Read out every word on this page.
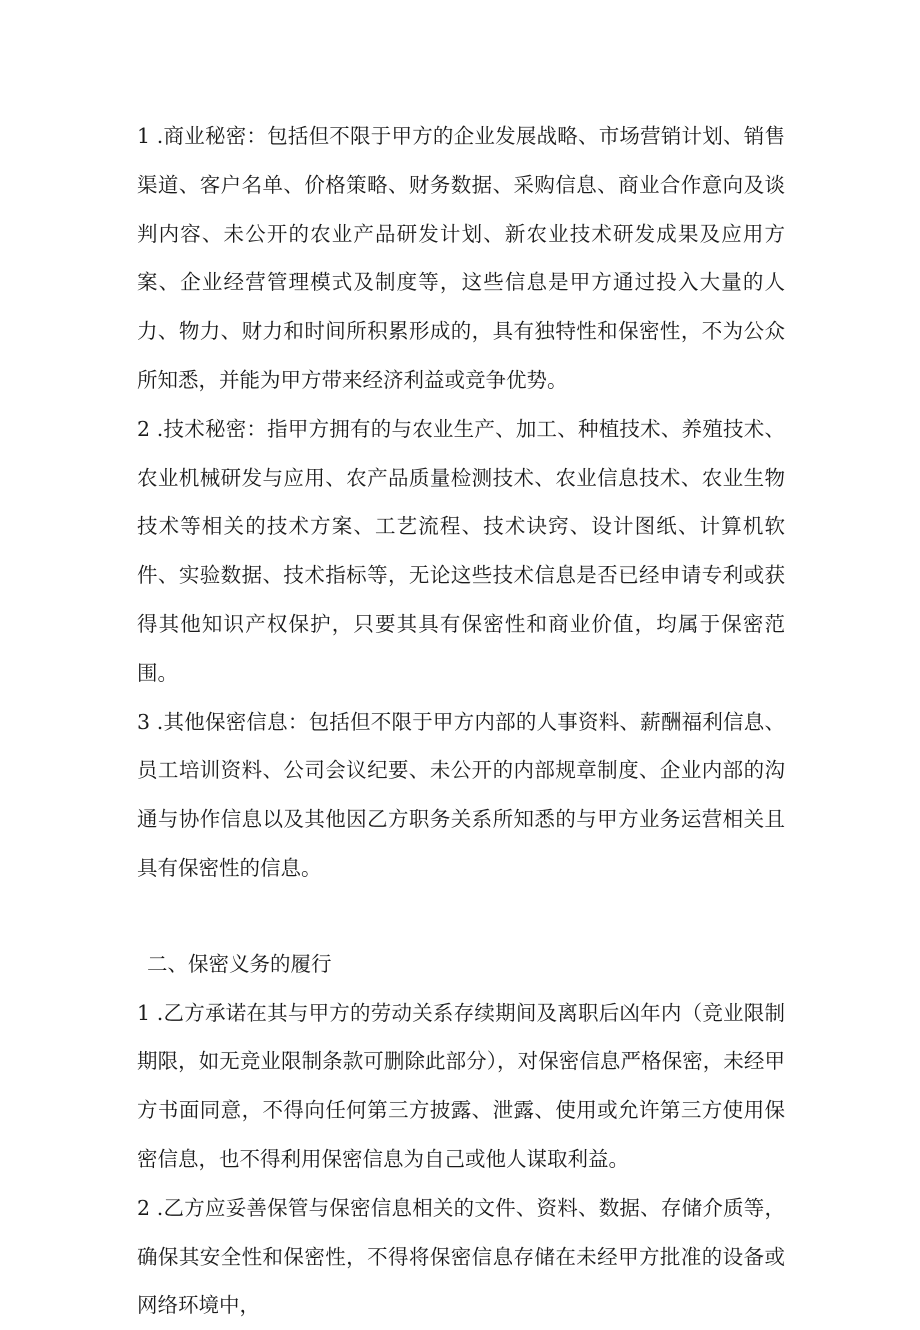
1 .商业秘密：包括但不限于甲方的企业发展战略、市场营销计划、销售渠道、客户名单、价格策略、财务数据、采购信息、商业合作意向及谈判内容、未公开的农业产品研发计划、新农业技术研发成果及应用方案、企业经营管理模式及制度等，这些信息是甲方通过投入大量的人力、物力、财力和时间所积累形成的，具有独特性和保密性，不为公众所知悉，并能为甲方带来经济利益或竞争优势。

2 .技术秘密：指甲方拥有的与农业生产、加工、种植技术、养殖技术、农业机械研发与应用、农产品质量检测技术、农业信息技术、农业生物技术等相关的技术方案、工艺流程、技术诀窍、设计图纸、计算机软件、实验数据、技术指标等，无论这些技术信息是否已经申请专利或获得其他知识产权保护，只要其具有保密性和商业价值，均属于保密范围。

3 .其他保密信息：包括但不限于甲方内部的人事资料、薪酬福利信息、员工培训资料、公司会议纪要、未公开的内部规章制度、企业内部的沟通与协作信息以及其他因乙方职务关系所知悉的与甲方业务运营相关且具有保密性的信息。

二、保密义务的履行

1 .乙方承诺在其与甲方的劳动关系存续期间及离职后凶年内（竞业限制期限，如无竞业限制条款可删除此部分），对保密信息严格保密，未经甲方书面同意，不得向任何第三方披露、泄露、使用或允许第三方使用保密信息，也不得利用保密信息为自己或他人谋取利益。

2 .乙方应妥善保管与保密信息相关的文件、资料、数据、存储介质等，确保其安全性和保密性，不得将保密信息存储在未经甲方批准的设备或网络环境中，
